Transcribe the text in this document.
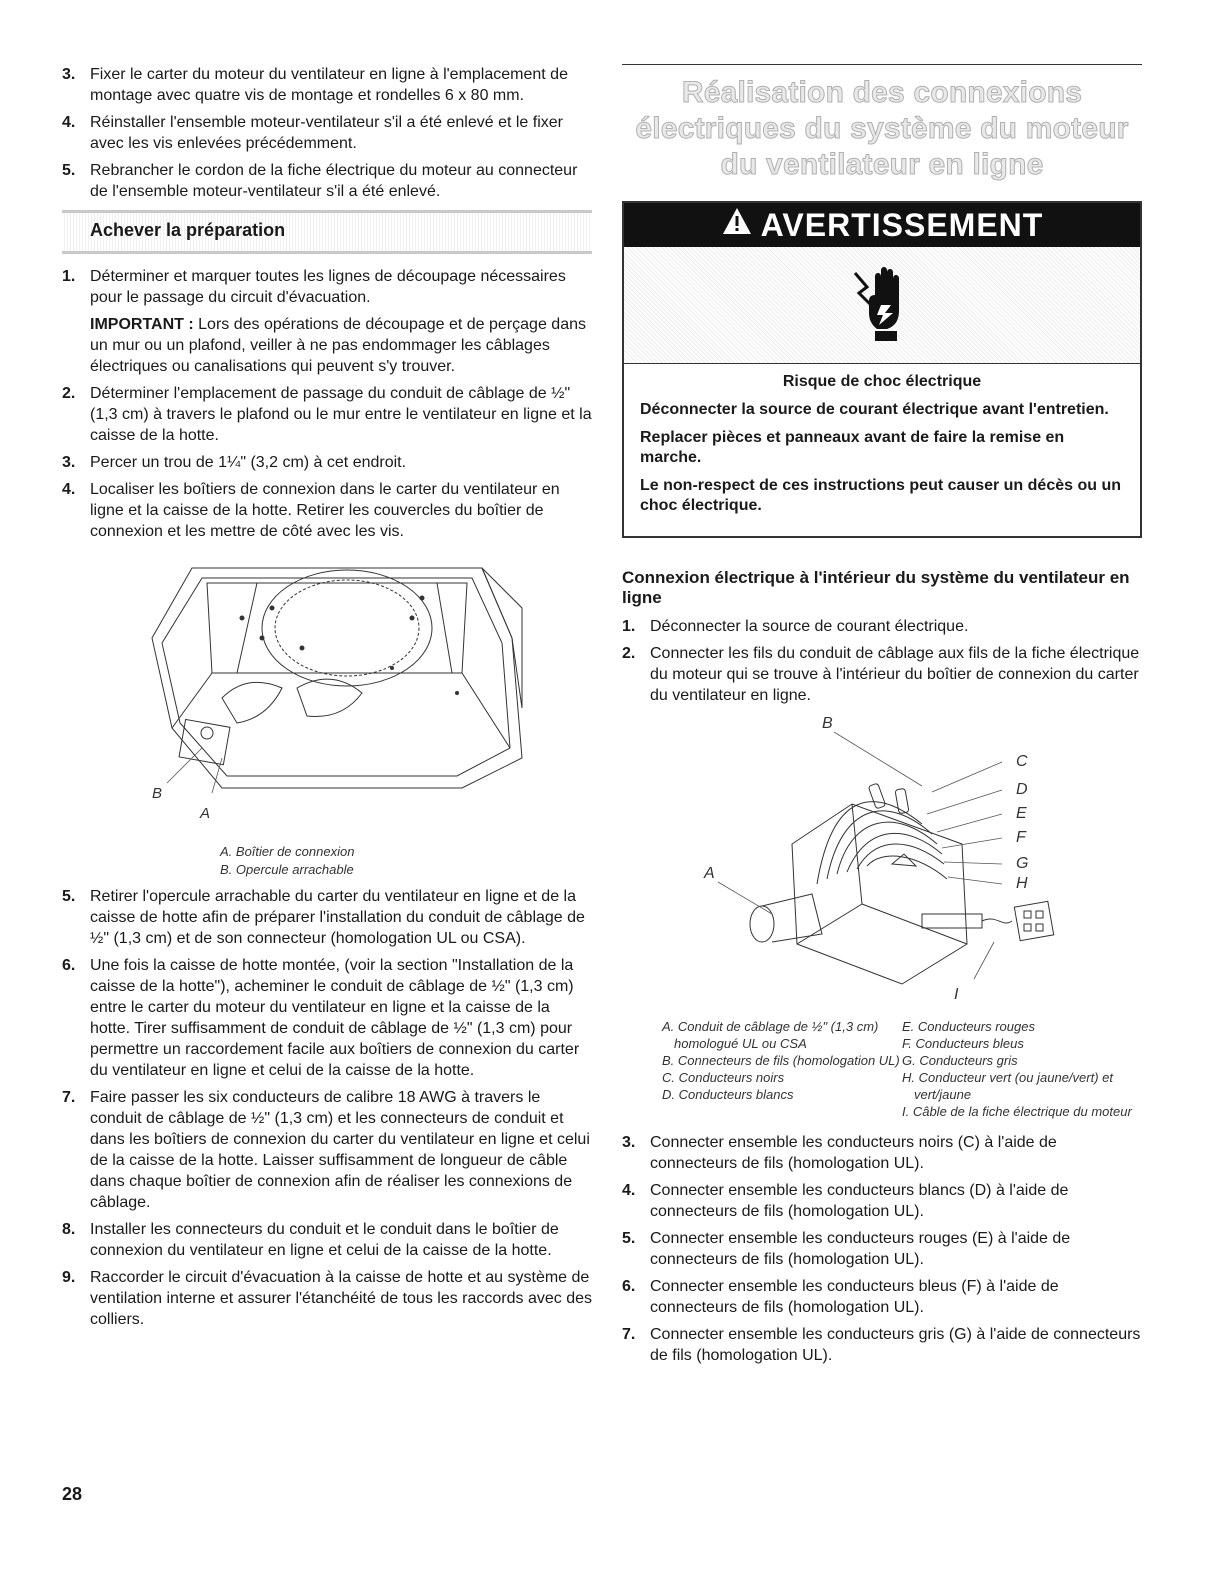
3. Fixer le carter du moteur du ventilateur en ligne à l'emplacement de montage avec quatre vis de montage et rondelles 6 x 80 mm.
4. Réinstaller l'ensemble moteur-ventilateur s'il a été enlevé et le fixer avec les vis enlevées précédemment.
5. Rebrancher le cordon de la fiche électrique du moteur au connecteur de l'ensemble moteur-ventilateur s'il a été enlevé.
Achever la préparation
1. Déterminer et marquer toutes les lignes de découpage nécessaires pour le passage du circuit d'évacuation.
IMPORTANT : Lors des opérations de découpage et de perçage dans un mur ou un plafond, veiller à ne pas endommager les câblages électriques ou canalisations qui peuvent s'y trouver.
2. Déterminer l'emplacement de passage du conduit de câblage de ½" (1,3 cm) à travers le plafond ou le mur entre le ventilateur en ligne et la caisse de la hotte.
3. Percer un trou de 1¼" (3,2 cm) à cet endroit.
4. Localiser les boîtiers de connexion dans le carter du ventilateur en ligne et la caisse de la hotte. Retirer les couvercles du boîtier de connexion et les mettre de côté avec les vis.
B
A
A. Boîtier de connexion
B. Opercule arrachable
5. Retirer l'opercule arrachable du carter du ventilateur en ligne et de la caisse de hotte afin de préparer l'installation du conduit de câblage de ½" (1,3 cm) et de son connecteur (homologation UL ou CSA).
6. Une fois la caisse de hotte montée, (voir la section "Installation de la caisse de la hotte"), acheminer le conduit de câblage de ½" (1,3 cm) entre le carter du moteur du ventilateur en ligne et la caisse de la hotte. Tirer suffisamment de conduit de câblage de ½" (1,3 cm) pour permettre un raccordement facile aux boîtiers de connexion du carter du ventilateur en ligne et celui de la caisse de la hotte.
7. Faire passer les six conducteurs de calibre 18 AWG à travers le conduit de câblage de ½" (1,3 cm) et les connecteurs de conduit et dans les boîtiers de connexion du carter du ventilateur en ligne et celui de la caisse de la hotte. Laisser suffisamment de longueur de câble dans chaque boîtier de connexion afin de réaliser les connexions de câblage.
8. Installer les connecteurs du conduit et le conduit dans le boîtier de connexion du ventilateur en ligne et celui de la caisse de la hotte.
9. Raccorder le circuit d'évacuation à la caisse de hotte et au système de ventilation interne et assurer l'étanchéité de tous les raccords avec des colliers.
Réalisation des connexions électriques du système du moteur du ventilateur en ligne
AVERTISSEMENT

Risque de choc électrique

Déconnecter la source de courant électrique avant l'entretien.

Replacer pièces et panneaux avant de faire la remise en marche.

Le non-respect de ces instructions peut causer un décès ou un choc électrique.

Connexion électrique à l'intérieur du système du ventilateur en ligne
1. Déconnecter la source de courant électrique.
2. Connecter les fils du conduit de câblage aux fils de la fiche électrique du moteur qui se trouve à l'intérieur du boîtier de connexion du carter du ventilateur en ligne.
B
C
D
E
F
G
H
A
I
A. Conduit de câblage de ½" (1,3 cm) homologué UL ou CSA
B. Connecteurs de fils (homologation UL)
C. Conducteurs noirs
D. Conducteurs blancs
E. Conducteurs rouges
F. Conducteurs bleus
G. Conducteurs gris
H. Conducteur vert (ou jaune/vert) et vert/jaune
I. Câble de la fiche électrique du moteur
3. Connecter ensemble les conducteurs noirs (C) à l'aide de connecteurs de fils (homologation UL).
4. Connecter ensemble les conducteurs blancs (D) à l'aide de connecteurs de fils (homologation UL).
5. Connecter ensemble les conducteurs rouges (E) à l'aide de connecteurs de fils (homologation UL).
6. Connecter ensemble les conducteurs bleus (F) à l'aide de connecteurs de fils (homologation UL).
7. Connecter ensemble les conducteurs gris (G) à l'aide de connecteurs de fils (homologation UL).
28
